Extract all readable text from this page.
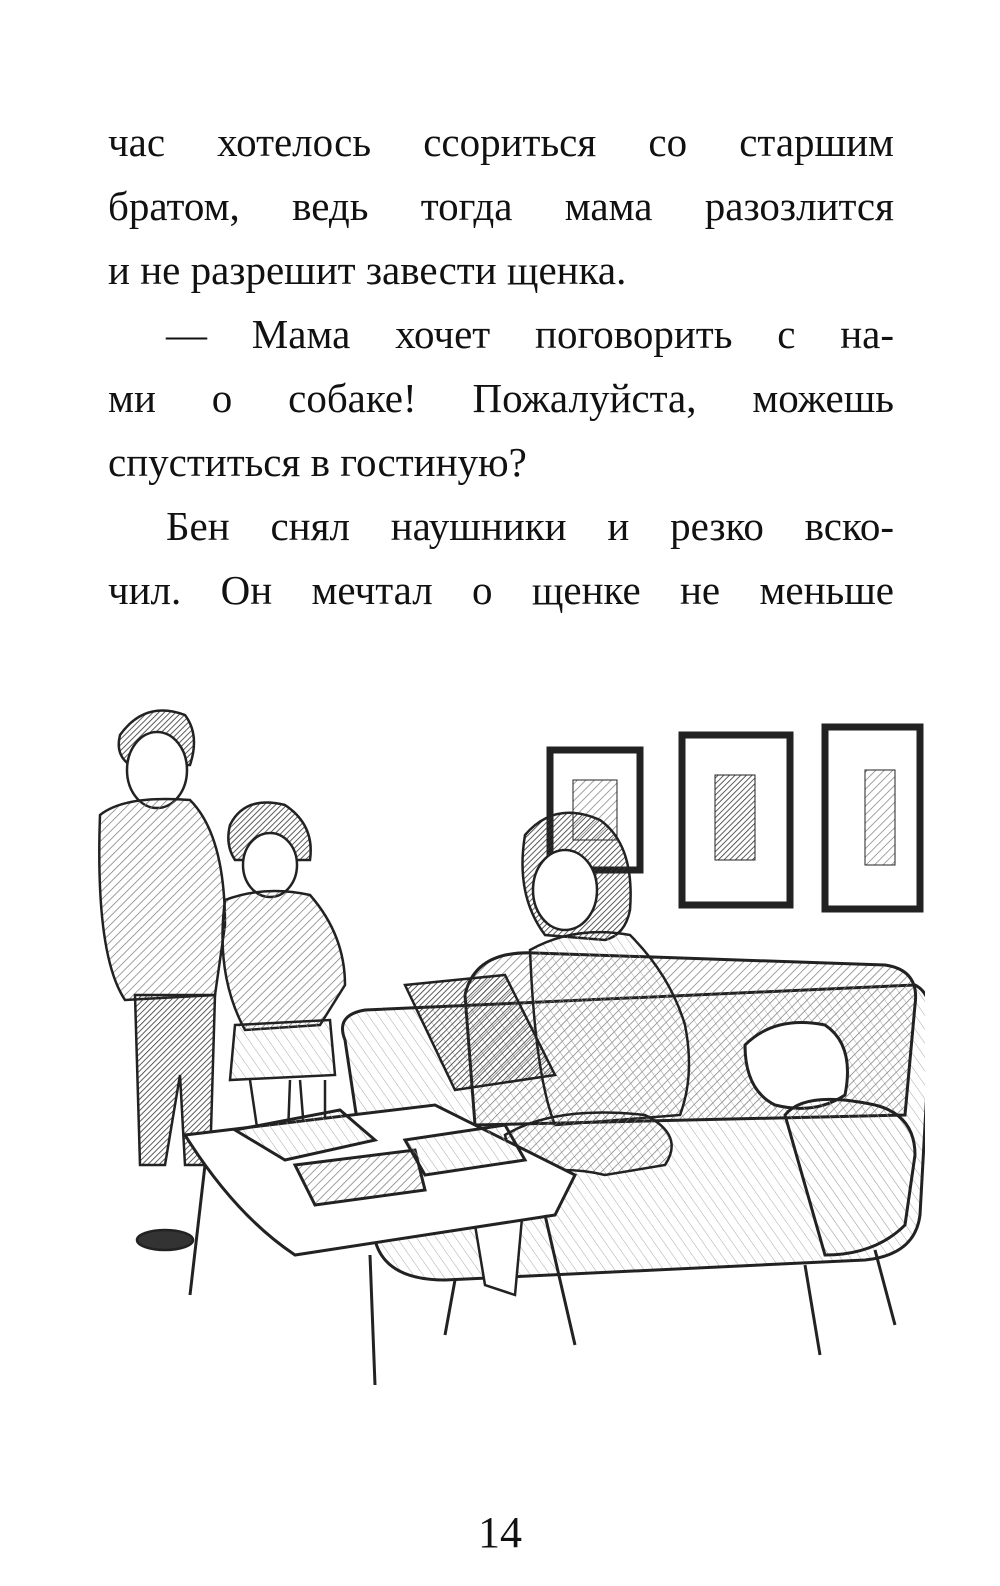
час хотелось ссориться со старшим
братом, ведь тогда мама разозлится
и не разрешит завести щенка.
— Мама хочет поговорить с на-
ми о собаке! Пожалуйста, можешь
спуститься в гостиную?
Бен снял наушники и резко вско-
чил. Он мечтал о щенке не меньше
14
